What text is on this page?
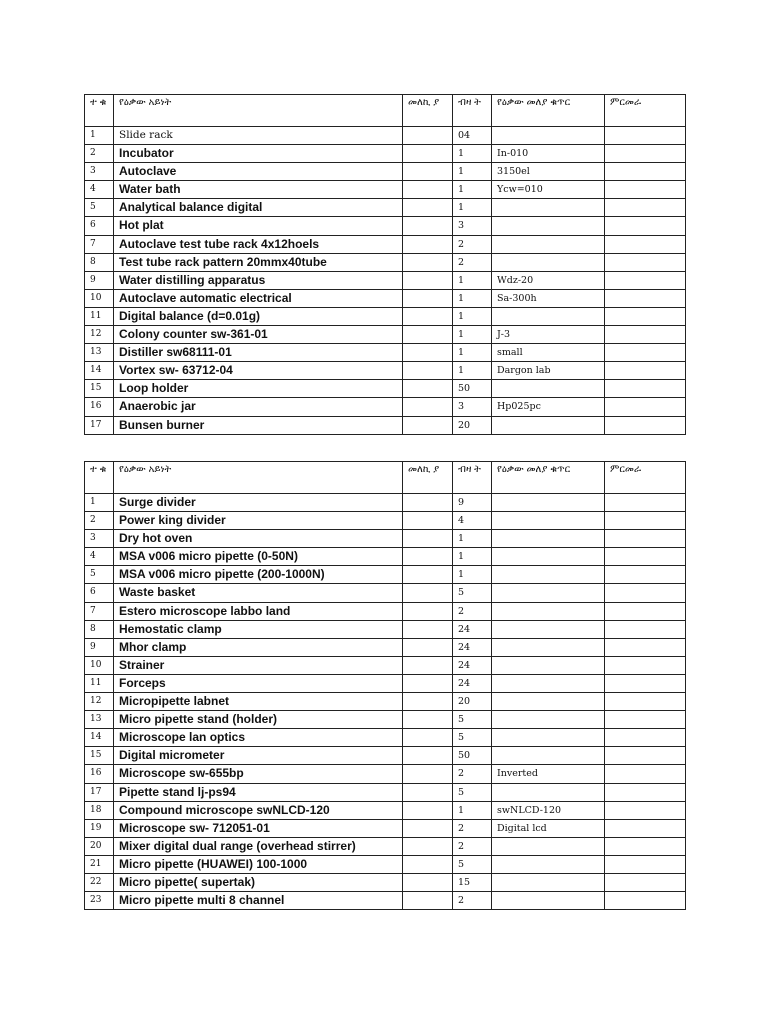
ተ ቁ	የዕቃው አይነት	መለኪ ያ	ብዛ ት	የዕቃው መለያ ቁጥር	ምርመራ
1	Slide rack		04		
2	Incubator		1	In-010	
3	Autoclave		1	3150el	
4	Water bath		1	Ycw=010	
5	Analytical balance digital		1		
6	Hot plat		3		
7	Autoclave test tube rack 4x12hoels		2		
8	Test tube rack pattern 20mmx40tube		2		
9	Water distilling apparatus		1	Wdz-20	
10	Autoclave automatic electrical		1	Sa-300h	
11	Digital balance (d=0.01g)		1		
12	Colony counter sw-361-01		1	J-3	
13	Distiller sw68111-01		1	small	
14	Vortex sw- 63712-04		1	Dargon lab	
15	Loop holder		50		
16	Anaerobic jar		3	Hp025pc	
17	Bunsen burner		20		
ተ ቁ	የዕቃው አይነት	መለኪ ያ	ብዛ ት	የዕቃው መለያ ቁጥር	ምርመራ
1	Surge divider		9		
2	Power king divider		4		
3	Dry hot oven		1		
4	MSA v006 micro pipette (0-50N)		1		
5	MSA v006 micro pipette (200-1000N)		1		
6	Waste basket		5		
7	Estero microscope labbo land		2		
8	Hemostatic clamp		24		
9	Mhor clamp		24		
10	Strainer		24		
11	Forceps		24		
12	Micropipette labnet		20		
13	Micro pipette stand (holder)		5		
14	Microscope lan optics		5		
15	Digital micrometer		50		
16	Microscope sw-655bp		2	Inverted	
17	Pipette stand lj-ps94		5		
18	Compound microscope swNLCD-120		1	swNLCD-120	
19	Microscope sw- 712051-01		2	Digital lcd	
20	Mixer digital dual range (overhead stirrer)		2		
21	Micro pipette (HUAWEI) 100-1000		5		
22	Micro pipette( supertak)		15		
23	Micro pipette multi 8 channel		2		
